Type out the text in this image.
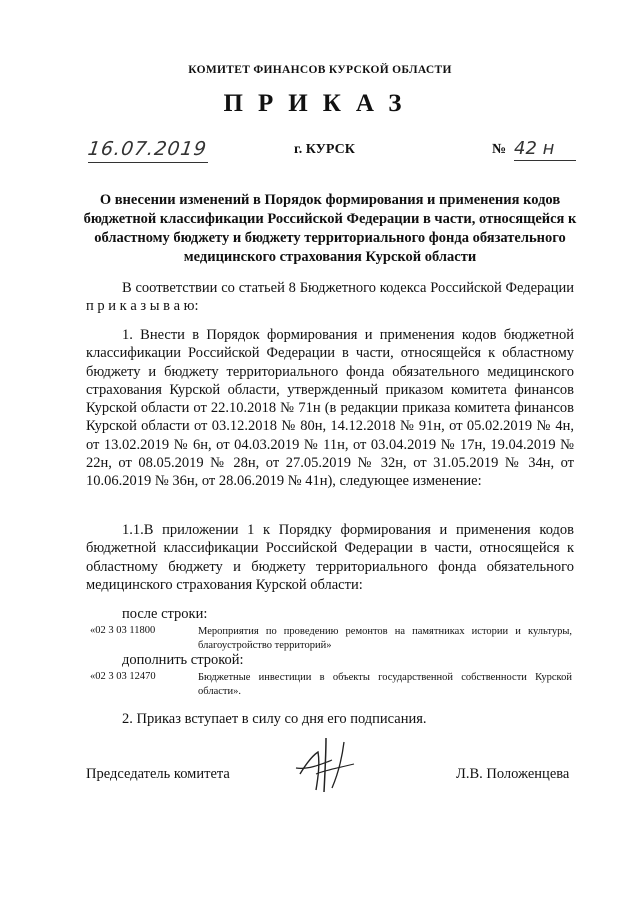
КОМИТЕТ ФИНАНСОВ КУРСКОЙ ОБЛАСТИ
ПРИКАЗ
16.07.2019	г. КУРСК	№ 42 н
О внесении изменений в Порядок формирования и применения кодов бюджетной классификации Российской Федерации в части, относящейся к областному бюджету и бюджету территориального фонда обязательного медицинского страхования Курской области
В соответствии со статьей 8 Бюджетного кодекса Российской Федерации п р и к а з ы в а ю:
1. Внести в Порядок формирования и применения кодов бюджетной классификации Российской Федерации в части, относящейся к областному бюджету и бюджету территориального фонда обязательного медицинского страхования Курской области, утвержденный приказом комитета финансов Курской области от 22.10.2018 № 71н (в редакции приказа комитета финансов Курской области от 03.12.2018 № 80н, 14.12.2018 № 91н, от 05.02.2019 № 4н, от 13.02.2019 № 6н, от 04.03.2019 № 11н, от 03.04.2019 № 17н, 19.04.2019 № 22н, от 08.05.2019 № 28н, от 27.05.2019 № 32н, от 31.05.2019 № 34н, от 10.06.2019 № 36н, от 28.06.2019 № 41н), следующее изменение:
1.1.В приложении 1 к Порядку формирования и применения кодов бюджетной классификации Российской Федерации в части, относящейся к областному бюджету и бюджету территориального фонда обязательного медицинского страхования Курской области:
после строки:
«02 3 03 11800	Мероприятия по проведению ремонтов на памятниках истории и культуры, благоустройство территорий»
дополнить строкой:
«02 3 03 12470	Бюджетные инвестиции в объекты государственной собственности Курской области».
2. Приказ вступает в силу со дня его подписания.
Председатель комитета	Л.В. Положенцева
